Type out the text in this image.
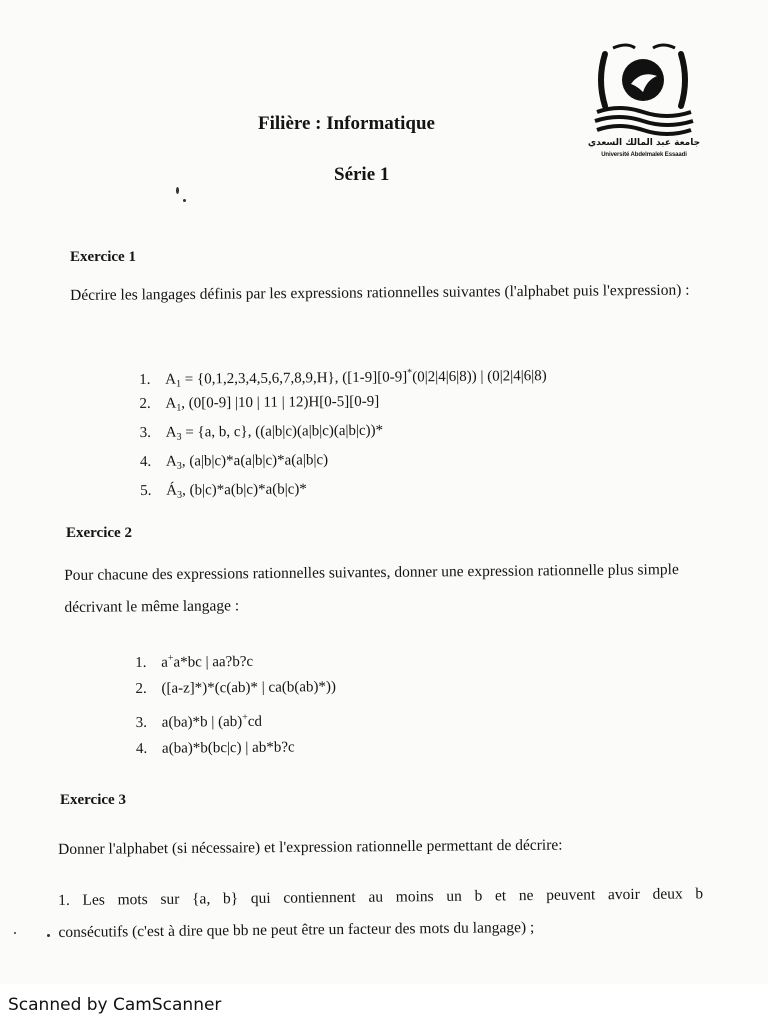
جامعة عبد المالك السعدي
Université Abdelmalek Essaadi
Filière : Informatique
Série 1
Exercice 1

Décrire les langages définis par les expressions rationnelles suivantes (l'alphabet puis l'expression) :

1. $A_1 = \{0,1,2,3,4,5,6,7,8,9,H\}$, ([1-9][0-9]*(0|2|4|6|8)) | (0|2|4|6|8)
2. $A_1$, (0[0-9] |10 | 11 | 12)H[0-5][0-9]
3. $A_3 = \{a$, b, c}, ((a|b|c)(a|b|c)(a|b|c))*
4. $A_3$, (a|b|c)*a(a|b|c)*a(a|b|c)
5. $Á_3$, (b|c)*a(b|c)*a(b|c)*
Exercice 2

Pour chacune des expressions rationnelles suivantes, donner une expression rationnelle plus simple décrivant le même langage :

1. a+a*bc | aa?b?c
2. ([a-z]*)*(c(ab)* | ca(b(ab)*))
3. a(ba)*b | (ab)+cd
4. a(ba)*b(bc|c) | ab*b?c
Exercice 3

Donner l'alphabet (si nécessaire) et l'expression rationnelle permettant de décrire:

1. Les mots sur {a, b} qui contiennent au moins un b et ne peuvent avoir deux b
consécutifs (c'est à dire que bb ne peut être un facteur des mots du langage) ;

Scanned by CamScanner
